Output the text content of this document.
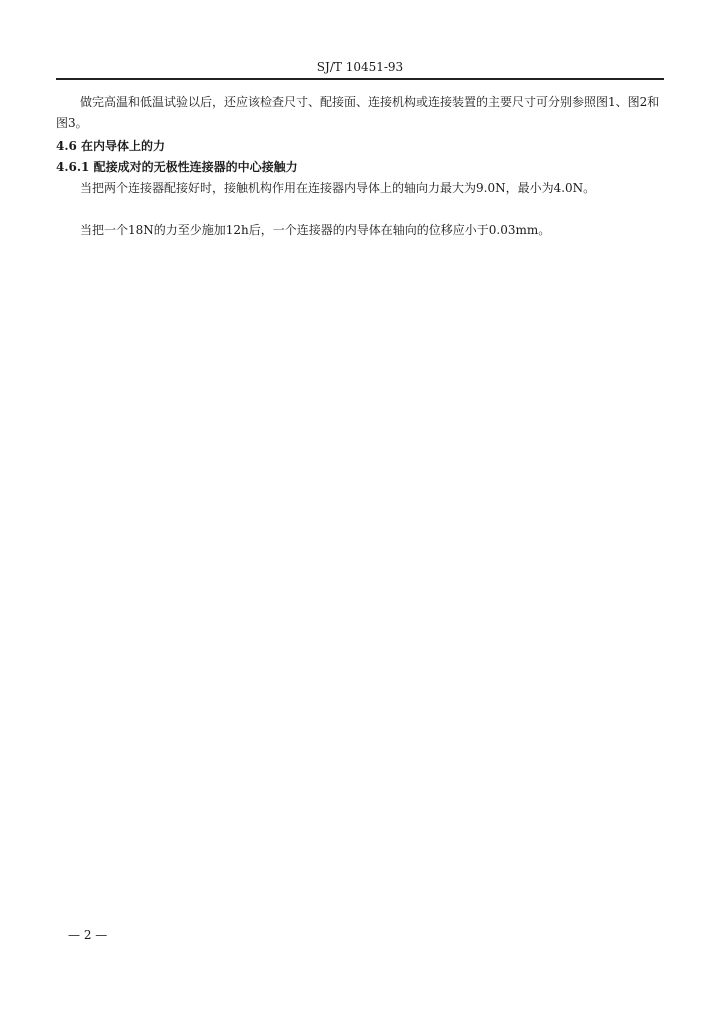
SJ/T 10451-93
做完高温和低温试验以后，还应该检查尺寸、配接面、连接机构或连接装置的主要尺寸可分别参照图1、图2和图3。
4.6 在内导体上的力
4.6.1 配接成对的无极性连接器的中心接触力
当把两个连接器配接好时，接触机构作用在连接器内导体上的轴向力最大为9.0N，最小为4.0N。
当把一个18N的力至少施加12h后，一个连接器的内导体在轴向的位移应小于0.03mm。
— 2 —
